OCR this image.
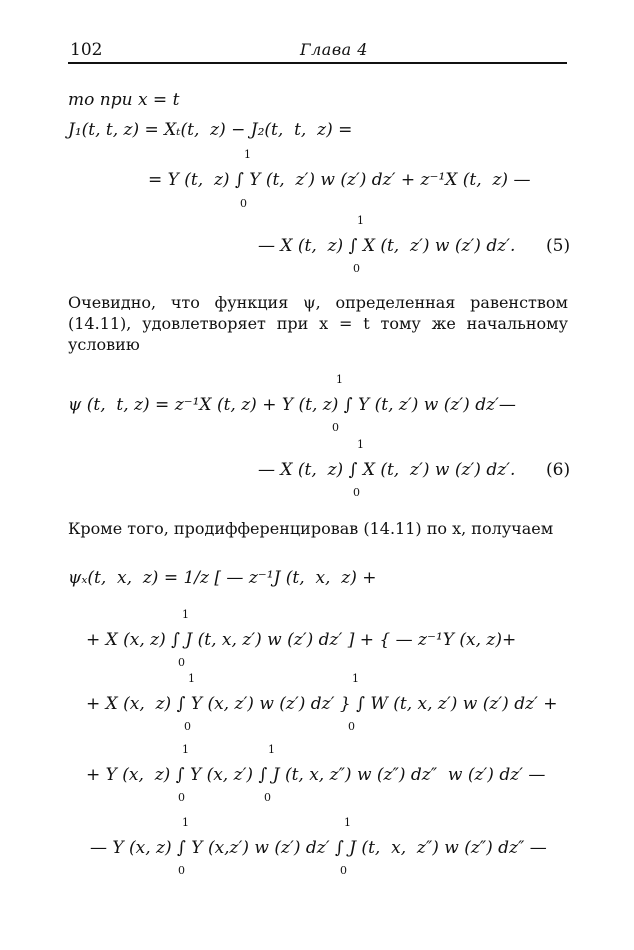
102	Глава 4
то при x = t
J₁(t, t, z) = Xₜ(t,  z) − J₂(t,  t,  z) =
= Y (t,  z) ∫ Y (t,  z′) w (z′) dz′ + z⁻¹X (t,  z) —
1
0
— X (t,  z) ∫ X (t,  z′) w (z′) dz′.
1
0
(5)
Очевидно, что функция ψ, определенная равенством (14.11), удовлетворяет при x = t тому же начальному условию
ψ (t,  t, z) = z⁻¹X (t, z) + Y (t, z) ∫ Y (t, z′) w (z′) dz′—
1
0
— X (t,  z) ∫ X (t,  z′) w (z′) dz′.
1
0
(6)
Кроме того, продифференцировав (14.11) по x, получаем
ψₓ(t,  x,  z) = 1/z [ — z⁻¹J (t,  x,  z) +
+ X (x, z) ∫ J (t, x, z′) w (z′) dz′ ] + { — z⁻¹Y (x, z)+
1
0
+ X (x,  z) ∫ Y (x, z′) w (z′) dz′ } ∫ W (t, x, z′) w (z′) dz′ +
1
0
1
0
+ Y (x,  z) ∫ Y (x, z′) ∫ J (t, x, z″) w (z″) dz″  w (z′) dz′ —
1
0
1
0
— Y (x, z) ∫ Y (x,z′) w (z′) dz′ ∫ J (t,  x,  z″) w (z″) dz″ —
1
0
1
0
